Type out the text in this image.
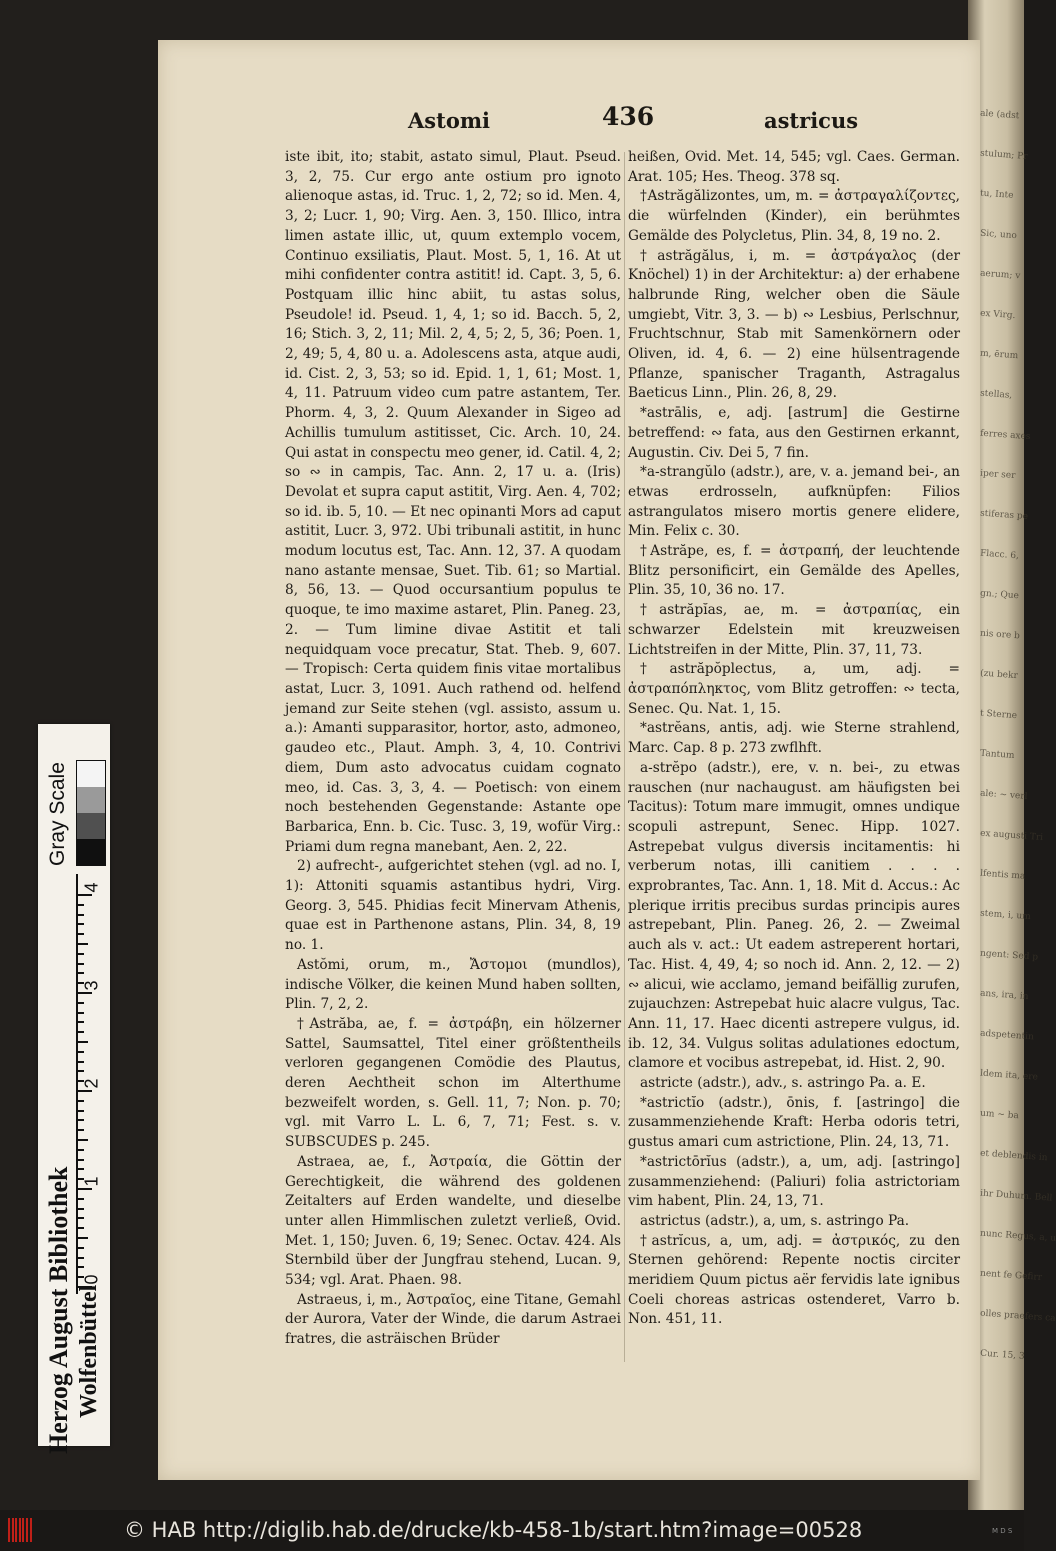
ale (adst
stulum; Pr
tu, Inte
Sic, uno
aerum; v
ex Virg.
m, ērum
stellas,
ferres axes
iper ser
stiferas pe
Flacc. 6,
gn.; Que
nis ore b
(zu bekr
t Sterne
Tantum
ale: ∼ verl
ex augusti Tri
lfentis ma
stem, i, um
ngent: Sed p
ans, ira, in
adspetentin
ldem ita, ere
um ∼ ba
et deblendis in
ihr Duhum. Bell
nunc Regus, a, u
nent fe Gefirr
olles praefers ca
Cur. 15, 3
Astomi	436	astricus

iste ibit, ito; stabit, astato simul, Plaut. Pseud. 3, 2, 75. Cur ergo ante ostium pro ignoto alienoque astas, id. Truc. 1, 2, 72; so id. Men. 4, 3, 2; Lucr. 1, 90; Virg. Aen. 3, 150. Illico, intra limen astate illic, ut, quum extemplo vocem, Continuo exsiliatis, Plaut. Most. 5, 1, 16. At ut mihi confidenter contra astitit! id. Capt. 3, 5, 6. Postquam illic hinc abiit, tu astas solus, Pseudole! id. Pseud. 1, 4, 1; so id. Bacch. 5, 2, 16; Stich. 3, 2, 11; Mil. 2, 4, 5; 2, 5, 36; Poen. 1, 2, 49; 5, 4, 80 u. a. Adolescens asta, atque audi, id. Cist. 2, 3, 53; so id. Epid. 1, 1, 61; Most. 1, 4, 11. Patruum video cum patre astantem, Ter. Phorm. 4, 3, 2. Quum Alexander in Sigeo ad Achillis tumulum astitisset, Cic. Arch. 10, 24. Qui astat in conspectu meo gener, id. Catil. 4, 2; so ∾ in campis, Tac. Ann. 2, 17 u. a. (Iris) Devolat et supra caput astitit, Virg. Aen. 4, 702; so id. ib. 5, 10. — Et nec opinanti Mors ad caput astitit, Lucr. 3, 972. Ubi tribunali astitit, in hunc modum locutus est, Tac. Ann. 12, 37. A quodam nano astante mensae, Suet. Tib. 61; so Martial. 8, 56, 13. — Quod occursantium populus te quoque, te imo maxime astaret, Plin. Paneg. 23, 2. — Tum limine divae Astitit et tali nequidquam voce precatur, Stat. Theb. 9, 607. — Tropisch: Certa quidem finis vitae mortalibus astat, Lucr. 3, 1091. Auch rathend od. helfend jemand zur Seite stehen (vgl. assisto, assum u. a.): Amanti supparasitor, hortor, asto, admoneo, gaudeo etc., Plaut. Amph. 3, 4, 10. Contrivi diem, Dum asto advocatus cuidam cognato meo, id. Cas. 3, 3, 4. — Poetisch: von einem noch bestehenden Gegenstande: Astante ope Barbarica, Enn. b. Cic. Tusc. 3, 19, wofür Virg.: Priami dum regna manebant, Aen. 2, 22.

2) aufrecht-, aufgerichtet stehen (vgl. ad no. I, 1): Attoniti squamis astantibus hydri, Virg. Georg. 3, 545. Phidias fecit Minervam Athenis, quae est in Parthenone astans, Plin. 34, 8, 19 no. 1.

Astŏmi, orum, m., Ἄστομοι (mundlos), indische Völker, die keinen Mund haben sollten, Plin. 7, 2, 2.

†Astrăba, ae, f. = ἀστράβη, ein hölzerner Sattel, Saumsattel, Titel einer größtentheils verloren gegangenen Comödie des Plautus, deren Aechtheit schon im Alterthume bezweifelt worden, s. Gell. 11, 7; Non. p. 70; vgl. mit Varro L. L. 6, 7, 71; Fest. s. v. SUBSCUDES p. 245.

Astraea, ae, f., Ἀστραία, die Göttin der Gerechtigkeit, die während des goldenen Zeitalters auf Erden wandelte, und dieselbe unter allen Himmlischen zuletzt verließ, Ovid. Met. 1, 150; Juven. 6, 19; Senec. Octav. 424. Als Sternbild über der Jungfrau stehend, Lucan. 9, 534; vgl. Arat. Phaen. 98.

Astraeus, i, m., Ἀστραῖος, eine Titane, Gemahl der Aurora, Vater der Winde, die darum Astraei fratres, die asträischen Brüder

heißen, Ovid. Met. 14, 545; vgl. Caes. German. Arat. 105; Hes. Theog. 378 sq.

†Astrăgălizontes, um, m. = ἀστραγαλίζοντες, die würfelnden (Kinder), ein berühmtes Gemälde des Polycletus, Plin. 34, 8, 19 no. 2.

†astrăgălus, i, m. = ἀστράγαλος (der Knöchel) 1) in der Architektur: a) der erhabene halbrunde Ring, welcher oben die Säule umgiebt, Vitr. 3, 3. — b) ∾ Lesbius, Perlschnur, Fruchtschnur, Stab mit Samenkörnern oder Oliven, id. 4, 6. — 2) eine hülsentragende Pflanze, spanischer Traganth, Astragalus Baeticus Linn., Plin. 26, 8, 29.

*astrālis, e, adj. [astrum] die Gestirne betreffend: ∾ fata, aus den Gestirnen erkannt, Augustin. Civ. Dei 5, 7 fin.

*a-strangŭlo (adstr.), are, v. a. jemand bei-, an etwas erdrosseln, aufknüpfen: Filios astrangulatos misero mortis genere elidere, Min. Felix c. 30.

†Astrăpe, es, f. = ἀστραπή, der leuchtende Blitz personificirt, ein Gemälde des Apelles, Plin. 35, 10, 36 no. 17.

†astrăpĭas, ae, m. = ἀστραπίας, ein schwarzer Edelstein mit kreuzweisen Lichtstreifen in der Mitte, Plin. 37, 11, 73.

†astrăpŏplectus, a, um, adj. = ἀστραπόπληκτος, vom Blitz getroffen: ∾ tecta, Senec. Qu. Nat. 1, 15.

*astrĕans, antis, adj. wie Sterne strahlend, Marc. Cap. 8 p. 273 zwflhft.

a-strĕpo (adstr.), ere, v. n. bei-, zu etwas rauschen (nur nachaugust. am häufigsten bei Tacitus): Totum mare immugit, omnes undique scopuli astrepunt, Senec. Hipp. 1027. Astrepebat vulgus diversis incitamentis: hi verberum notas, illi canitiem . . . . exprobrantes, Tac. Ann. 1, 18. Mit d. Accus.: Ac plerique irritis precibus surdas principis aures astrepebant, Plin. Paneg. 26, 2. — Zweimal auch als v. act.: Ut eadem astreperent hortari, Tac. Hist. 4, 49, 4; so noch id. Ann. 2, 12. — 2) ∾ alicui, wie acclamo, jemand beifällig zurufen, zujauchzen: Astrepebat huic alacre vulgus, Tac. Ann. 11, 17. Haec dicenti astrepere vulgus, id. ib. 12, 34. Vulgus solitas adulationes edoctum, clamore et vocibus astrepebat, id. Hist. 2, 90.

astricte (adstr.), adv., s. astringo Pa. a. E.

*astrictĭo (adstr.), ōnis, f. [astringo] die zusammenziehende Kraft: Herba odoris tetri, gustus amari cum astrictione, Plin. 24, 13, 71.

*astrictōrĭus (adstr.), a, um, adj. [astringo] zusammenziehend: (Paliuri) folia astrictoriam vim habent, Plin. 24, 13, 71.

astrictus (adstr.), a, um, s. astringo Pa.

†astrĭcus, a, um, adj. = ἀστρικός, zu den Sternen gehörend: Repente noctis circiter meridiem Quum pictus aër fervidis late ignibus Coeli choreas astricas ostenderet, Varro b. Non. 451, 11.

Gray Scale
0
1
2
3
4
Herzog August Bibliothek Wolfenbüttel
© HAB http://diglib.hab.de/drucke/kb-458-1b/start.htm?image=00528	M D S
